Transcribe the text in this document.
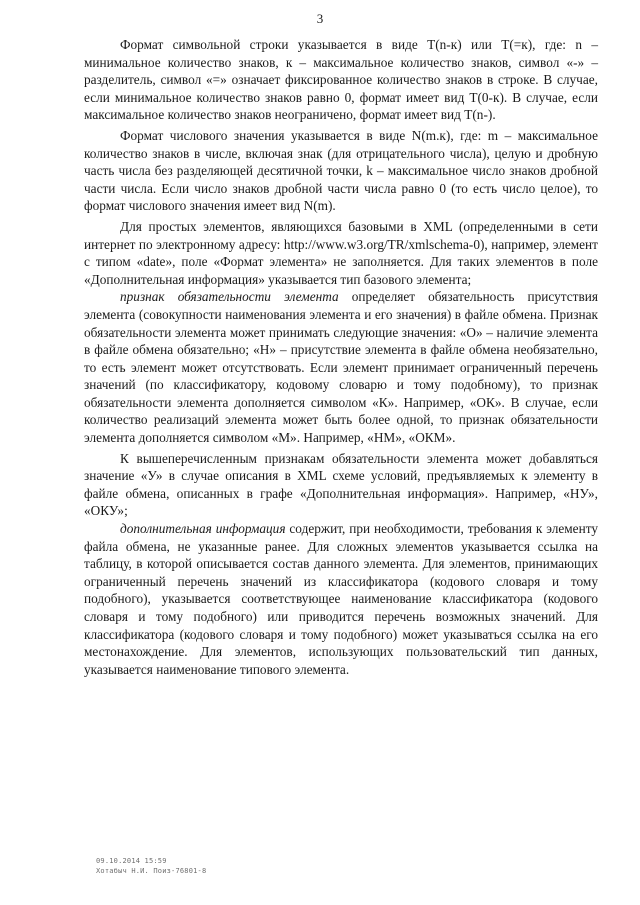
3

Формат символьной строки указывается в виде Т(n-к) или Т(=к), где: n – минимальное количество знаков, к – максимальное количество знаков, символ «-» – разделитель, символ «=» означает фиксированное количество знаков в строке. В случае, если минимальное количество знаков равно 0, формат имеет вид Т(0-к). В случае, если максимальное количество знаков неограничено, формат имеет вид Т(n-).

Формат числового значения указывается в виде N(m.к), где: m – максимальное количество знаков в числе, включая знак (для отрицательного числа), целую и дробную часть числа без разделяющей десятичной точки, k – максимальное число знаков дробной части числа. Если число знаков дробной части числа равно 0 (то есть число целое), то формат числового значения имеет вид N(m).

Для простых элементов, являющихся базовыми в XML (определенными в сети интернет по электронному адресу: http://www.w3.org/TR/xmlschema-0), например, элемент с типом «date», поле «Формат элемента» не заполняется. Для таких элементов в поле «Дополнительная информация» указывается тип базового элемента;

признак обязательности элемента определяет обязательность присутствия элемента (совокупности наименования элемента и его значения) в файле обмена. Признак обязательности элемента может принимать следующие значения: «О» – наличие элемента в файле обмена обязательно; «Н» – присутствие элемента в файле обмена необязательно, то есть элемент может отсутствовать. Если элемент принимает ограниченный перечень значений (по классификатору, кодовому словарю и тому подобному), то признак обязательности элемента дополняется символом «К». Например, «ОК». В случае, если количество реализаций элемента может быть более одной, то признак обязательности элемента дополняется символом «М». Например, «НМ», «ОКМ».

К вышеперечисленным признакам обязательности элемента может добавляться значение «У» в случае описания в XML схеме условий, предъявляемых к элементу в файле обмена, описанных в графе «Дополнительная информация». Например, «НУ», «ОКУ»;

дополнительная информация содержит, при необходимости, требования к элементу файла обмена, не указанные ранее. Для сложных элементов указывается ссылка на таблицу, в которой описывается состав данного элемента. Для элементов, принимающих ограниченный перечень значений из классификатора (кодового словаря и тому подобного), указывается соответствующее наименование классификатора (кодового словаря и тому подобного) или приводится перечень возможных значений. Для классификатора (кодового словаря и тому подобного) может указываться ссылка на его местонахождение. Для элементов, использующих пользовательский тип данных, указывается наименование типового элемента.

09.10.2014 15:59
Хотабыч Н.И. Поиз-76801-8
